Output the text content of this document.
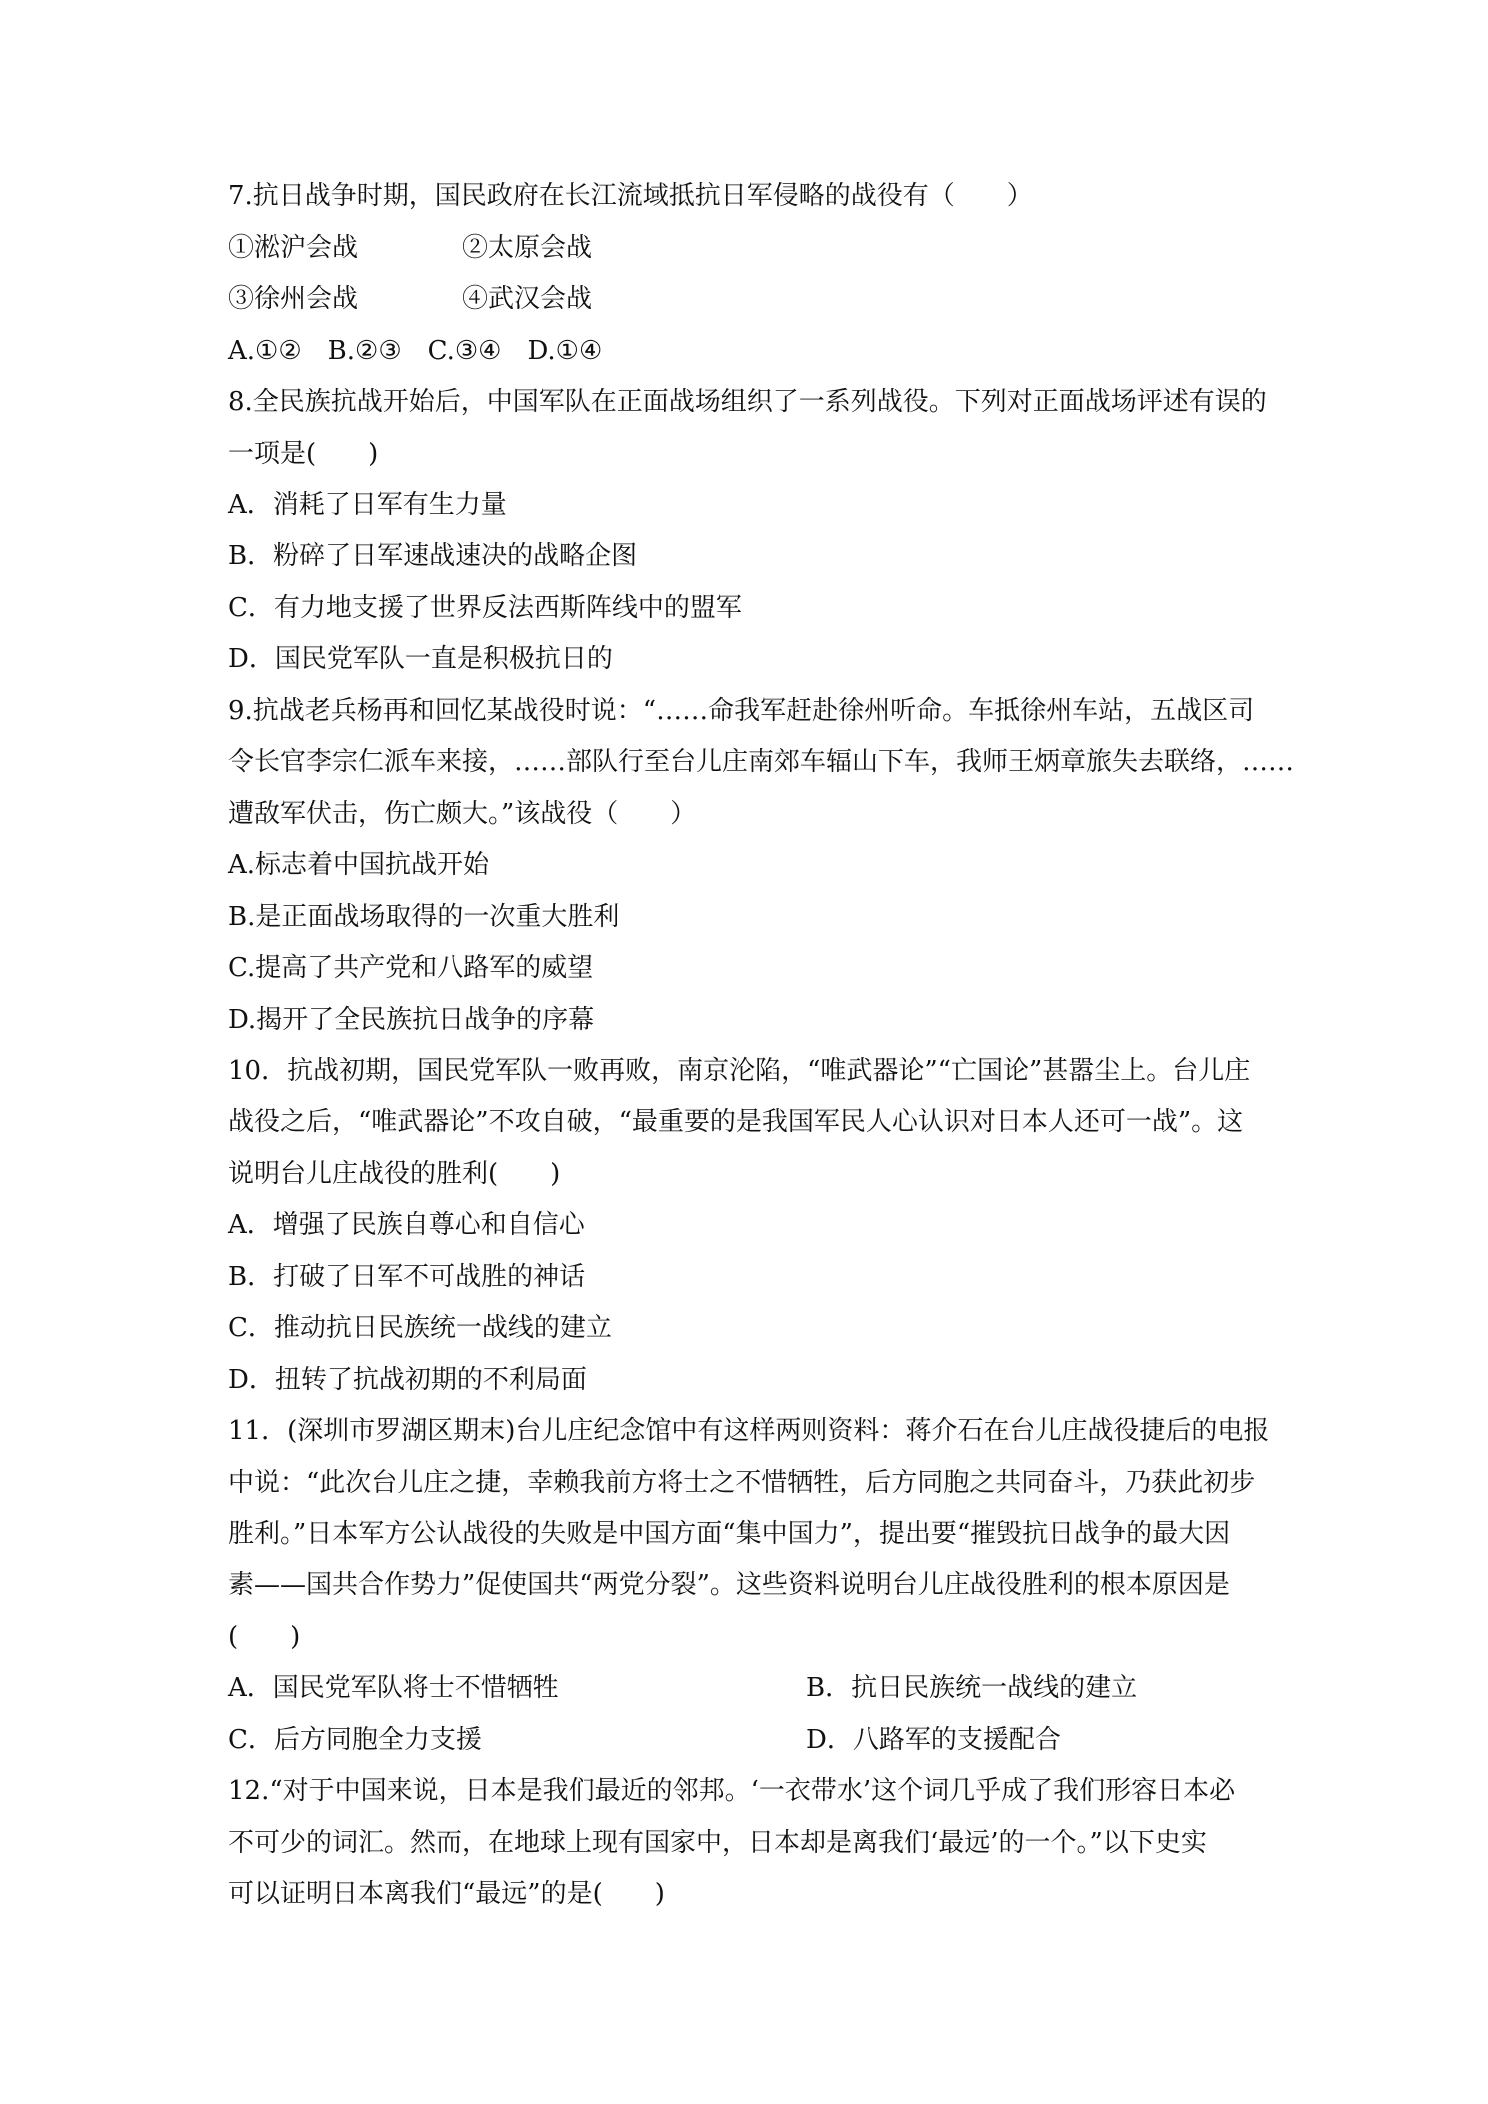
7.抗日战争时期，国民政府在长江流域抵抗日军侵略的战役有（　　）

①淞沪会战　　　　②太原会战

③徐州会战　　　　④武汉会战

A.①②　B.②③　C.③④　D.①④

8.全民族抗战开始后，中国军队在正面战场组织了一系列战役。下列对正面战场评述有误的

一项是(　　)

A．消耗了日军有生力量

B．粉碎了日军速战速决的战略企图

C．有力地支援了世界反法西斯阵线中的盟军

D．国民党军队一直是积极抗日的

9.抗战老兵杨再和回忆某战役时说：“……命我军赶赴徐州听命。车抵徐州车站，五战区司

令长官李宗仁派车来接，……部队行至台儿庄南郊车辐山下车，我师王炳章旅失去联络，……

遭敌军伏击，伤亡颇大。”该战役（　　）

A.标志着中国抗战开始

B.是正面战场取得的一次重大胜利

C.提高了共产党和八路军的威望

D.揭开了全民族抗日战争的序幕

10．抗战初期，国民党军队一败再败，南京沦陷，“唯武器论”“亡国论”甚嚣尘上。台儿庄

战役之后，“唯武器论”不攻自破，“最重要的是我国军民人心认识对日本人还可一战”。这

说明台儿庄战役的胜利(　　)

A．增强了民族自尊心和自信心

B．打破了日军不可战胜的神话

C．推动抗日民族统一战线的建立

D．扭转了抗战初期的不利局面

11．(深圳市罗湖区期末)台儿庄纪念馆中有这样两则资料：蒋介石在台儿庄战役捷后的电报

中说：“此次台儿庄之捷，幸赖我前方将士之不惜牺牲，后方同胞之共同奋斗，乃获此初步

胜利。”日本军方公认战役的失败是中国方面“集中国力”，提出要“摧毁抗日战争的最大因

素——国共合作势力”促使国共“两党分裂”。这些资料说明台儿庄战役胜利的根本原因是

(　　)

A．国民党军队将士不惜牺牲	B．抗日民族统一战线的建立

C．后方同胞全力支援	D．八路军的支援配合

12.“对于中国来说，日本是我们最近的邻邦。‘一衣带水’这个词几乎成了我们形容日本必

不可少的词汇。然而，在地球上现有国家中，日本却是离我们‘最远’的一个。”以下史实

可以证明日本离我们“最远”的是(　　)
